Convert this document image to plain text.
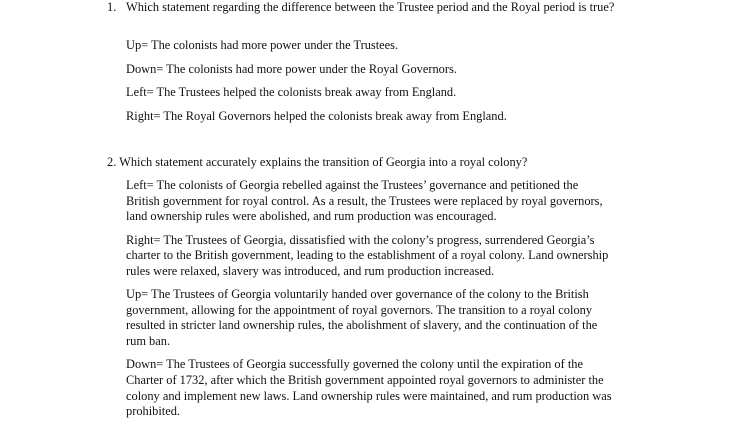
1. Which statement regarding the difference between the Trustee period and the Royal period is true?
Up= The colonists had more power under the Trustees.
Down= The colonists had more power under the Royal Governors.
Left= The Trustees helped the colonists break away from England.
Right= The Royal Governors helped the colonists break away from England.
2. Which statement accurately explains the transition of Georgia into a royal colony?
Left= The colonists of Georgia rebelled against the Trustees’ governance and petitioned the British government for royal control. As a result, the Trustees were replaced by royal governors, land ownership rules were abolished, and rum production was encouraged.
Right= The Trustees of Georgia, dissatisfied with the colony’s progress, surrendered Georgia’s charter to the British government, leading to the establishment of a royal colony. Land ownership rules were relaxed, slavery was introduced, and rum production increased.
Up= The Trustees of Georgia voluntarily handed over governance of the colony to the British government, allowing for the appointment of royal governors. The transition to a royal colony resulted in stricter land ownership rules, the abolishment of slavery, and the continuation of the rum ban.
Down= The Trustees of Georgia successfully governed the colony until the expiration of the Charter of 1732, after which the British government appointed royal governors to administer the colony and implement new laws. Land ownership rules were maintained, and rum production was prohibited.
